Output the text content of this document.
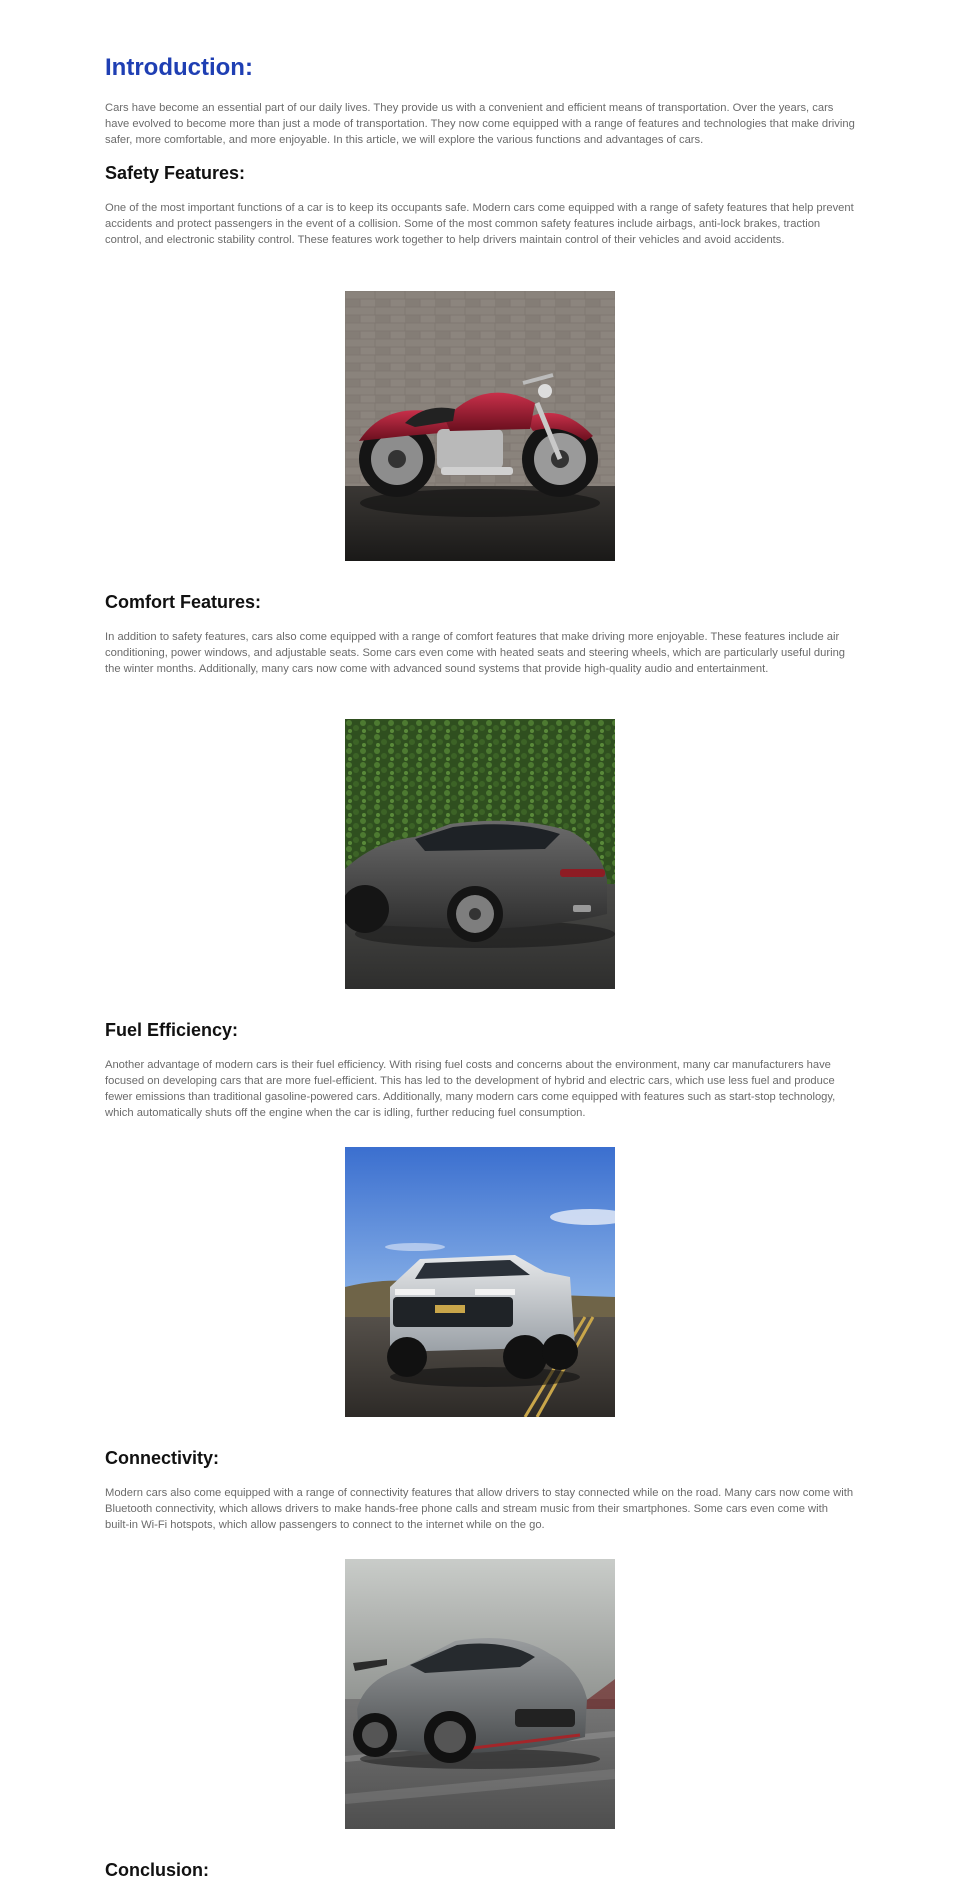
Introduction:

Cars have become an essential part of our daily lives. They provide us with a convenient and efficient means of transportation. Over the years, cars have evolved to become more than just a mode of transportation. They now come equipped with a range of features and technologies that make driving safer, more comfortable, and more enjoyable. In this article, we will explore the various functions and advantages of cars.

Safety Features:

One of the most important functions of a car is to keep its occupants safe. Modern cars come equipped with a range of safety features that help prevent accidents and protect passengers in the event of a collision. Some of the most common safety features include airbags, anti-lock brakes, traction control, and electronic stability control. These features work together to help drivers maintain control of their vehicles and avoid accidents.

Comfort Features:

In addition to safety features, cars also come equipped with a range of comfort features that make driving more enjoyable. These features include air conditioning, power windows, and adjustable seats. Some cars even come with heated seats and steering wheels, which are particularly useful during the winter months. Additionally, many cars now come with advanced sound systems that provide high-quality audio and entertainment.

Fuel Efficiency:

Another advantage of modern cars is their fuel efficiency. With rising fuel costs and concerns about the environment, many car manufacturers have focused on developing cars that are more fuel-efficient. This has led to the development of hybrid and electric cars, which use less fuel and produce fewer emissions than traditional gasoline-powered cars. Additionally, many modern cars come equipped with features such as start-stop technology, which automatically shuts off the engine when the car is idling, further reducing fuel consumption.

Connectivity:

Modern cars also come equipped with a range of connectivity features that allow drivers to stay connected while on the road. Many cars now come with Bluetooth connectivity, which allows drivers to make hands-free phone calls and stream music from their smartphones. Some cars even come with built-in Wi-Fi hotspots, which allow passengers to connect to the internet while on the go.

Conclusion:
